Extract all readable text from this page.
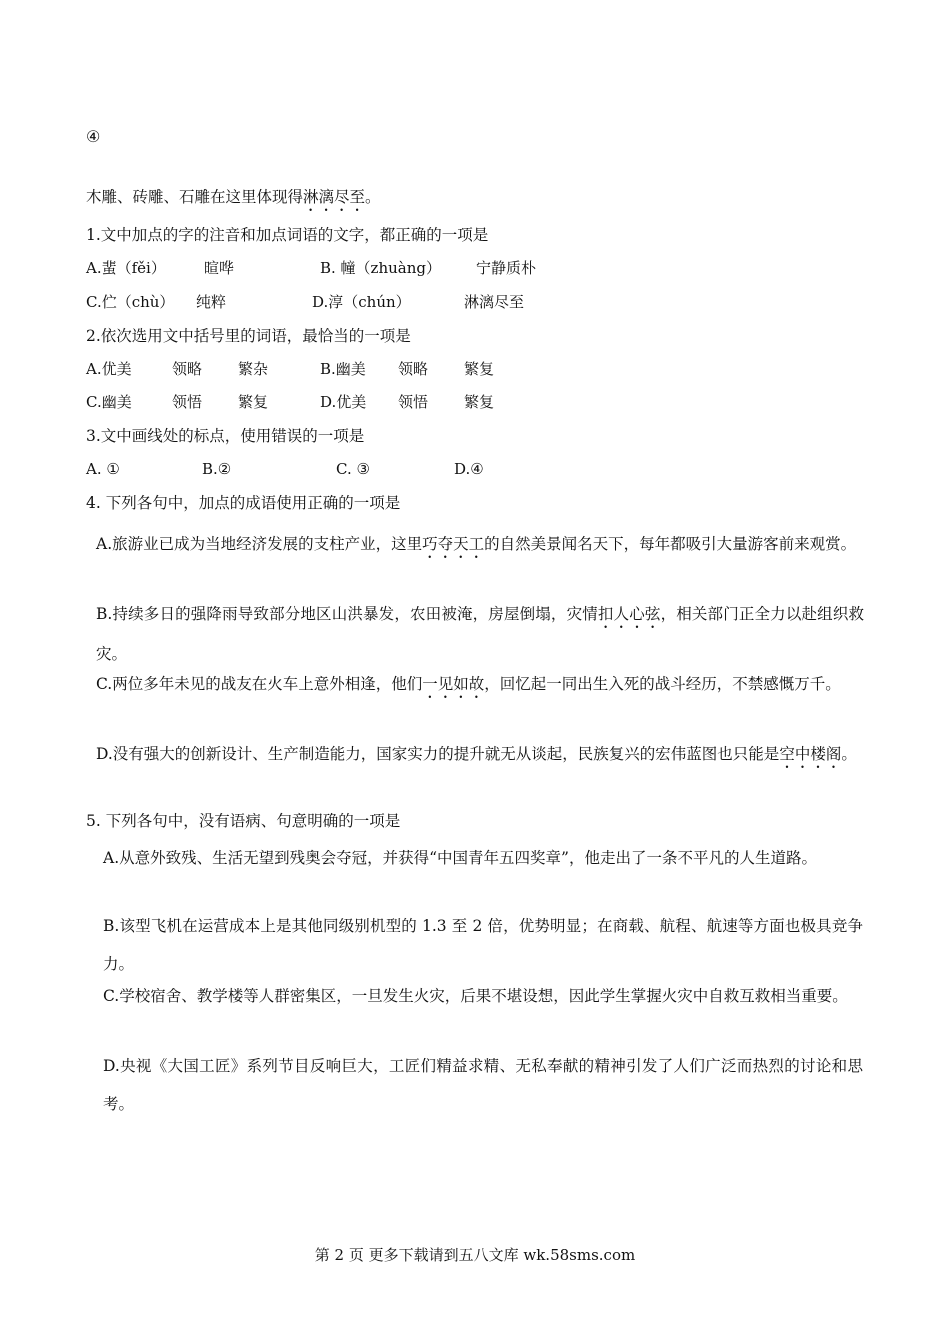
④
木雕、砖雕、石雕在这里体现得淋漓尽至。
1.文中加点的字的注音和加点词语的文字，都正确的一项是
A.蜚（fěi）	暄哗	B. 幢（zhuàng） 宁静质朴
C.伫（chù） 纯粹	D.淳（chún）	淋漓尽至
2.依次选用文中括号里的词语，最恰当的一项是
A.优美	领略 繁杂	B.幽美 领略 繁复
C.幽美	领悟 繁复	D.优美 领悟 繁复
3.文中画线处的标点，使用错误的一项是
A. ①	B.②	C. ③	D.④
4. 下列各句中，加点的成语使用正确的一项是
A.旅游业已成为当地经济发展的支柱产业，这里巧夺天工的自然美景闻名天下，每年都吸引大量游客前来观赏。
B.持续多日的强降雨导致部分地区山洪暴发，农田被淹，房屋倒塌，灾情扣人心弦，相关部门正全力以赴组织救灾。
C.两位多年未见的战友在火车上意外相逢，他们一见如故，回忆起一同出生入死的战斗经历，不禁感慨万千。
D.没有强大的创新设计、生产制造能力，国家实力的提升就无从谈起，民族复兴的宏伟蓝图也只能是空中楼阁。
5. 下列各句中，没有语病、句意明确的一项是
A.从意外致残、生活无望到残奥会夺冠，并获得“中国青年五四奖章”，他走出了一条不平凡的人生道路。
B.该型飞机在运营成本上是其他同级别机型的 1.3 至 2 倍，优势明显；在商载、航程、航速等方面也极具竞争力。
C.学校宿舍、教学楼等人群密集区，一旦发生火灾，后果不堪设想，因此学生掌握火灾中自救互救相当重要。
D.央视《大国工匠》系列节目反响巨大，工匠们精益求精、无私奉献的精神引发了人们广泛而热烈的讨论和思考。
第 2 页 更多下载请到五八文库 wk.58sms.com
